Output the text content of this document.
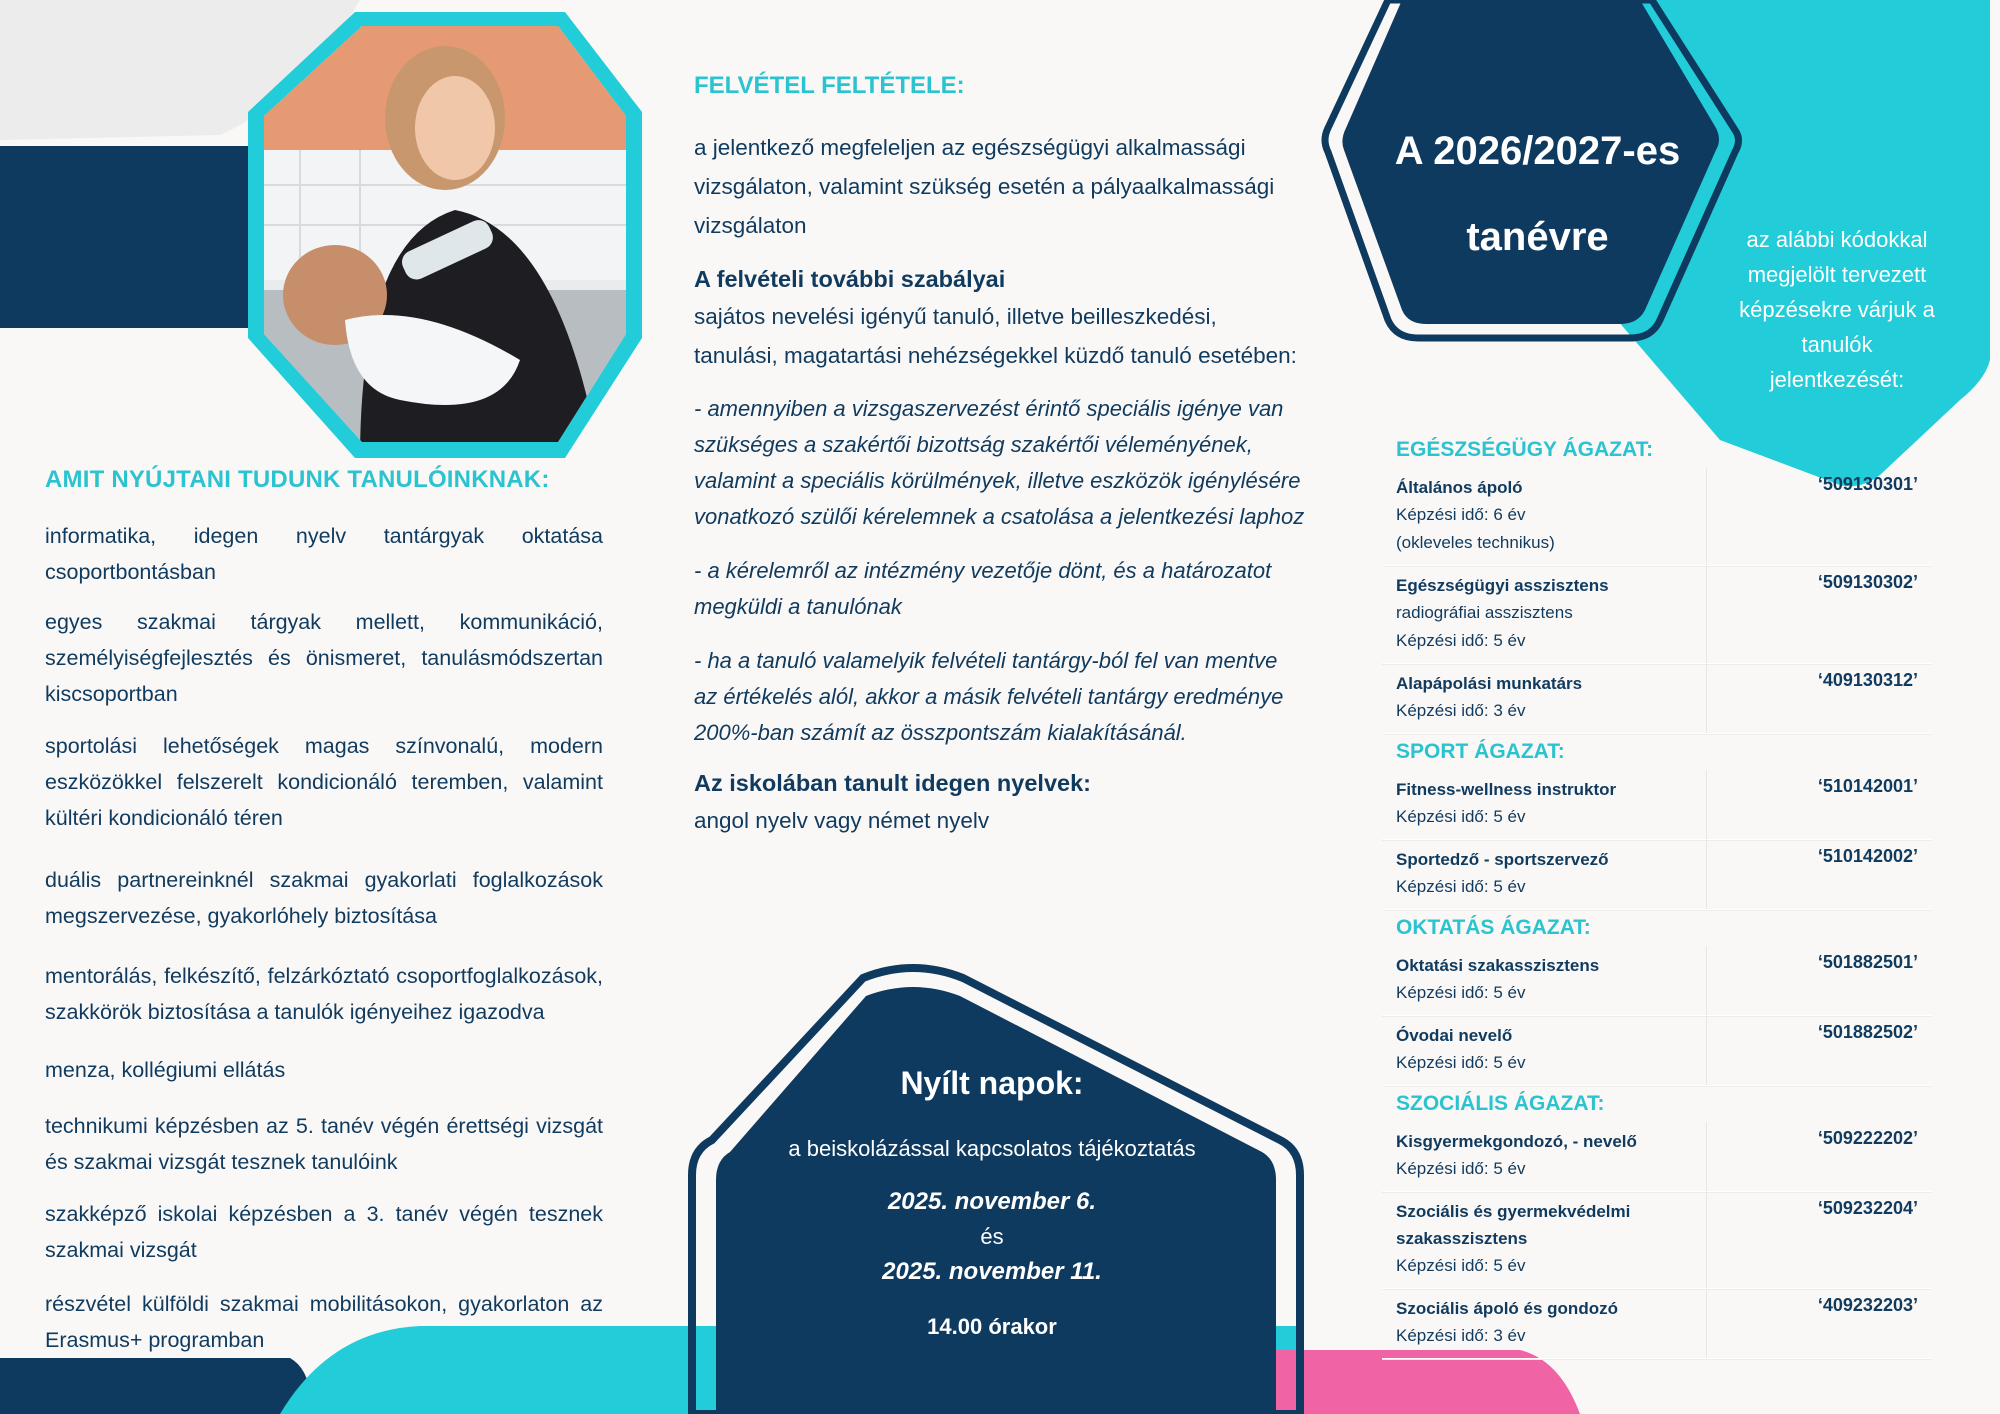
AMIT NYÚJTANI TUDUNK TANULÓINKNAK:
informatika, idegen nyelv tantárgyak oktatása csoportbontásban
egyes szakmai tárgyak mellett, kommunikáció, személyiségfejlesztés és önismeret, tanulásmódszertan kiscsoportban
sportolási lehetőségek magas színvonalú, modern eszközökkel felszerelt kondicionáló teremben, valamint kültéri kondicionáló téren
duális partnereinknél szakmai gyakorlati foglalkozások megszervezése, gyakorlóhely biztosítása
mentorálás, felkészítő, felzárkóztató csoportfoglalkozások, szakkörök biztosítása a tanulók igényeihez igazodva
menza, kollégiumi ellátás
technikumi képzésben az 5. tanév végén érettségi vizsgát és szakmai vizsgát tesznek tanulóink
szakképző iskolai képzésben a 3. tanév végén tesznek szakmai vizsgát
részvétel külföldi szakmai mobilitásokon, gyakorlaton az Erasmus+ programban
FELVÉTEL FELTÉTELE:
a jelentkező megfeleljen az egészségügyi alkalmassági vizsgálaton, valamint szükség esetén a pályaalkalmassági vizsgálaton
A felvételi további szabályai
sajátos nevelési igényű tanuló, illetve beilleszkedési, tanulási, magatartási nehézségekkel küzdő tanuló esetében:
- amennyiben a vizsgaszervezést érintő speciális igénye van szükséges a szakértői bizottság szakértői véleményének, valamint a speciális körülmények, illetve eszközök igénylésére vonatkozó szülői kérelemnek a csatolása a jelentkezési laphoz
- a kérelemről az intézmény vezetője dönt, és a határozatot megküldi a tanulónak
- ha a tanuló valamelyik felvételi tantárgy-ból fel van mentve az értékelés alól, akkor a másik felvételi tantárgy eredménye 200%-ban számít az összpontszám kialakításánál.
Az iskolában tanult idegen nyelvek:
angol nyelv vagy német nyelv
Nyílt napok:
a beiskolázással kapcsolatos tájékoztatás
2025. november 6.
és
2025. november 11.
14.00 órakor
A 2026/2027-es tanévre	az alábbi kódokkal megjelölt tervezett képzésekre várjuk a tanulók jelentkezését:
EGÉSZSÉGÜGY ÁGAZAT:
Általános ápoló
Képzési idő: 6 év
(okleveles technikus)
‘509130301’
Egészségügyi asszisztens
radiográfiai asszisztens
Képzési idő: 5 év
‘509130302’
Alapápolási munkatárs
Képzési idő: 3 év
‘409130312’
SPORT ÁGAZAT:
Fitness-wellness instruktor
Képzési idő: 5 év
‘510142001’
Sportedző - sportszervező
Képzési idő: 5 év
‘510142002’
OKTATÁS ÁGAZAT:
Oktatási szakasszisztens
Képzési idő: 5 év
‘501882501’
Óvodai nevelő
Képzési idő: 5 év
‘501882502’
SZOCIÁLIS ÁGAZAT:
Kisgyermekgondozó, - nevelő
Képzési idő: 5 év
‘509222202’
Szociális és gyermekvédelmi szakasszisztens
Képzési idő: 5 év
‘509232204’
Szociális ápoló és gondozó
Képzési idő: 3 év
‘409232203’
